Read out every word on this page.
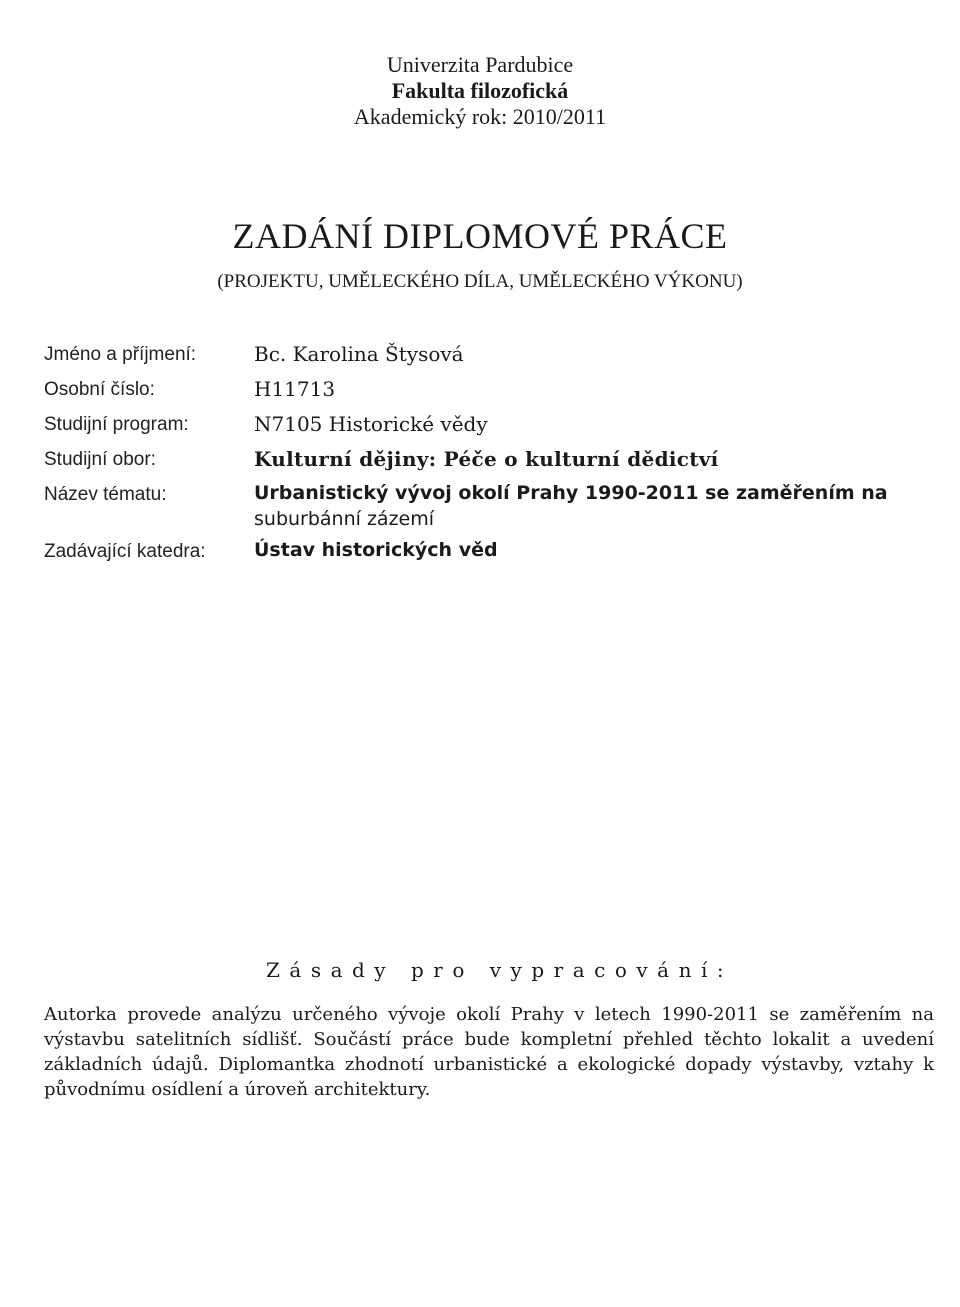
Univerzita Pardubice
Fakulta filozofická
Akademický rok: 2010/2011
ZADÁNÍ DIPLOMOVÉ PRÁCE
(PROJEKTU, UMĚLECKÉHO DÍLA, UMĚLECKÉHO VÝKONU)
Jméno a příjmení:	Bc. Karolina Štysová
Osobní číslo:	H11713
Studijní program:	N7105 Historické vědy
Studijní obor:	Kulturní dějiny: Péče o kulturní dědictví
Název tématu:	Urbanistický vývoj okolí Prahy 1990-2011 se zaměřením na
suburbánní zázemí
Zadávající katedra:	Ústav historických věd
Zásady pro vypracování:
Autorka provede analýzu určeného vývoje okolí Prahy v letech 1990-2011 se zaměřením na výstavbu satelitních sídlišť. Součástí práce bude kompletní přehled těchto lokalit a uvedení základních údajů. Diplomantka zhodnotí urbanistické a ekologické dopady výstavby, vztahy k původnímu osídlení a úroveň architektury.
